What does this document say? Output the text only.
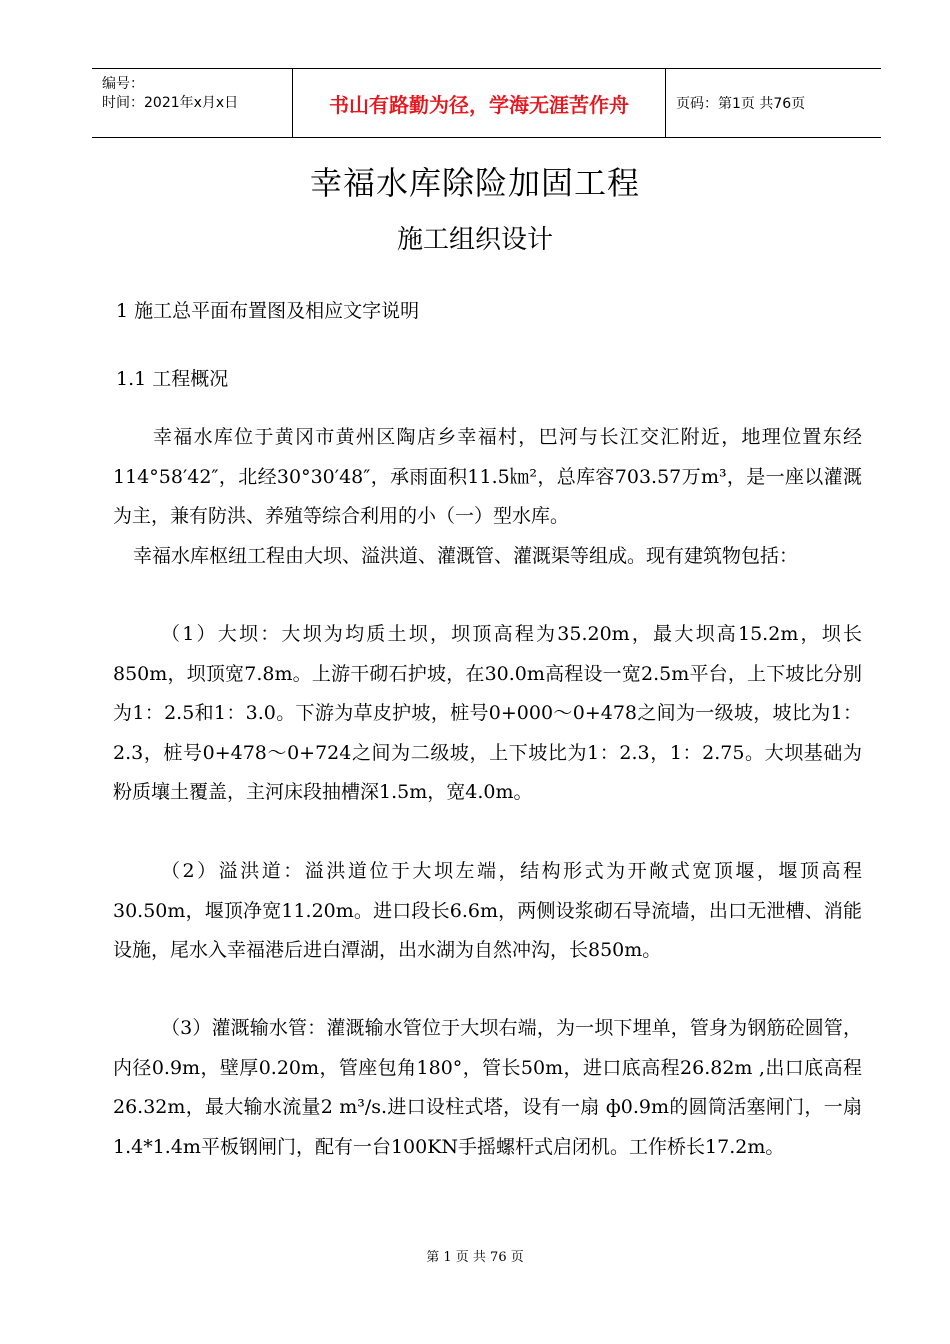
编号：
时间：2021年x月x日	书山有路勤为径，学海无涯苦作舟	页码：第1页 共76页
幸福水库除险加固工程
施工组织设计
1 施工总平面布置图及相应文字说明
1.1 工程概况

幸福水库位于黄冈市黄州区陶店乡幸福村，巴河与长江交汇附近，地理位置东经114°58′42″，北经30°30′48″，承雨面积11.5㎞²，总库容703.57万m³，是一座以灌溉为主，兼有防洪、养殖等综合利用的小（一）型水库。

幸福水库枢纽工程由大坝、溢洪道、灌溉管、灌溉渠等组成。现有建筑物包括：

（1）大坝：大坝为均质土坝，坝顶高程为35.20m，最大坝高15.2m，坝长850m，坝顶宽7.8m。上游干砌石护坡，在30.0m高程设一宽2.5m平台，上下坡比分别为1：2.5和1：3.0。下游为草皮护坡，桩号0+000～0+478之间为一级坡，坡比为1：2.3，桩号0+478～0+724之间为二级坡，上下坡比为1：2.3，1：2.75。大坝基础为粉质壤土覆盖，主河床段抽槽深1.5m，宽4.0m。

（2）溢洪道：溢洪道位于大坝左端，结构形式为开敞式宽顶堰，堰顶高程30.50m，堰顶净宽11.20m。进口段长6.6m，两侧设浆砌石导流墙，出口无泄槽、消能设施，尾水入幸福港后进白潭湖，出水湖为自然冲沟，长850m。

（3）灌溉输水管：灌溉输水管位于大坝右端，为一坝下埋单，管身为钢筋砼圆管，内径0.9m，壁厚0.20m，管座包角180°，管长50m，进口底高程26.82m ,出口底高程26.32m，最大输水流量2 m³/s.进口设柱式塔，设有一扇 ф0.9m的圆筒活塞闸门，一扇1.4*1.4m平板钢闸门，配有一台100KN手摇螺杆式启闭机。工作桥长17.2m。

第 1 页 共 76 页
